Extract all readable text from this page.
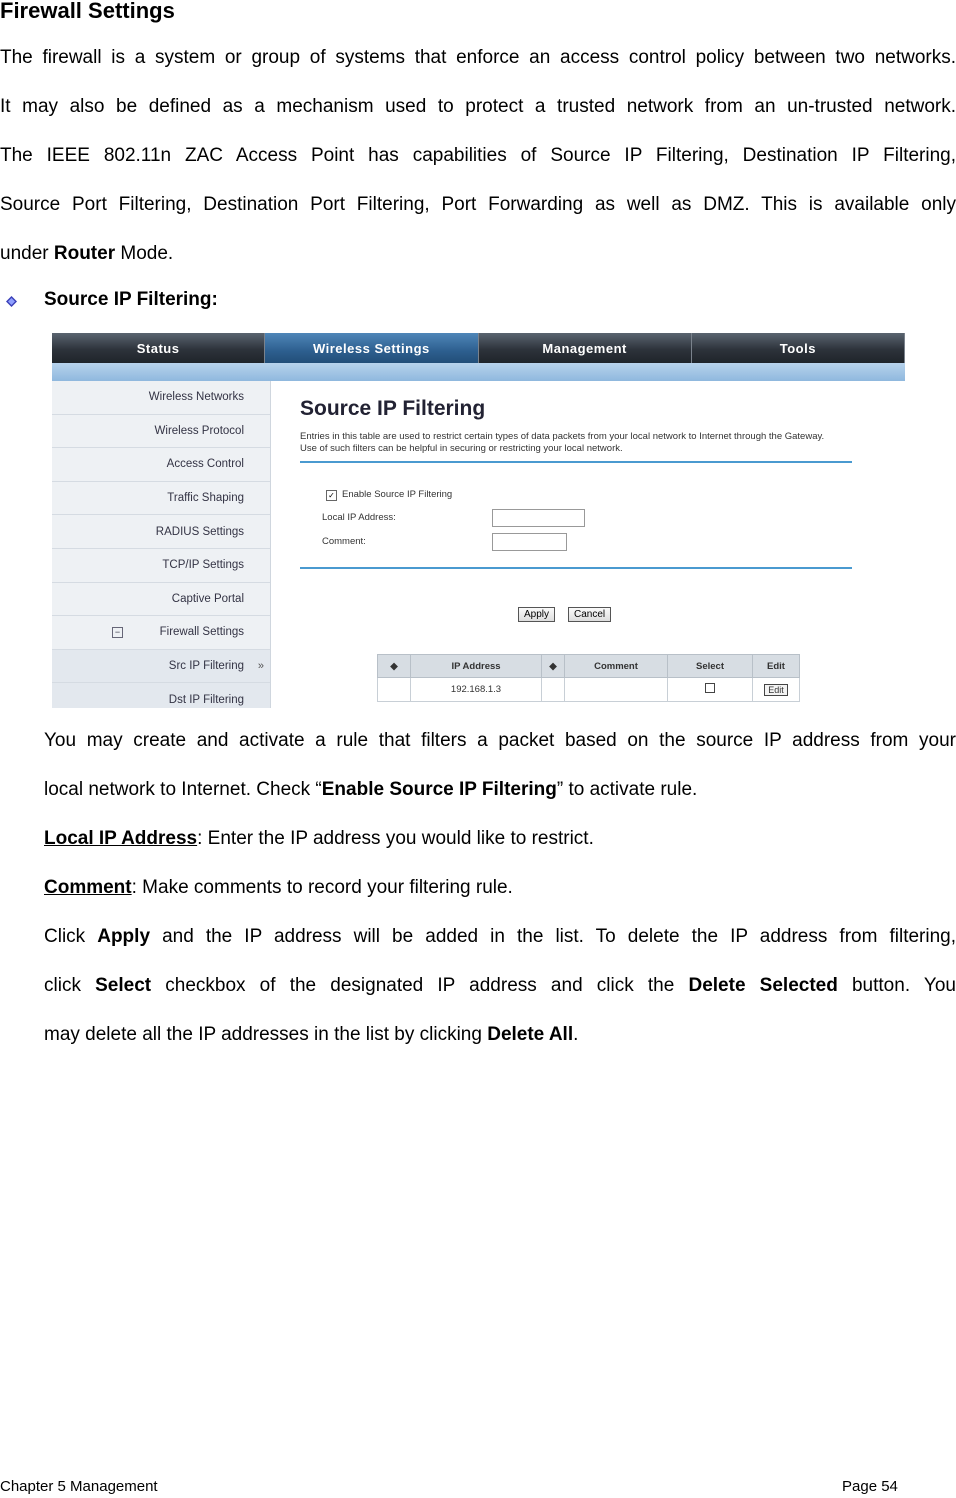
Firewall Settings
The firewall is a system or group of systems that enforce an access control policy between two networks.
It may also be defined as a mechanism used to protect a trusted network from an un-trusted network.
The IEEE 802.11n ZAC Access Point has capabilities of Source IP Filtering, Destination IP Filtering,
Source Port Filtering, Destination Port Filtering, Port Forwarding as well as DMZ. This is available only
under Router Mode.
Source IP Filtering:
Status	Wireless Settings	Management	Tools
Wireless Networks
Wireless Protocol
Access Control
Traffic Shaping
RADIUS Settings
TCP/IP Settings
Captive Portal
−	Firewall Settings
Src IP Filtering »
Dst IP Filtering
Source IP Filtering
Entries in this table are used to restrict certain types of data packets from your local network to Internet through the Gateway. Use of such filters can be helpful in securing or restricting your local network.
✓ Enable Source IP Filtering
Local IP Address:
Comment:
Apply	Cancel
◆	IP Address	◆	Comment	Select	Edit
	192.168.1.3				Edit
You may create and activate a rule that filters a packet based on the source IP address from your
local network to Internet. Check “Enable Source IP Filtering” to activate rule.
Local IP Address: Enter the IP address you would like to restrict.
Comment: Make comments to record your filtering rule.
Click Apply and the IP address will be added in the list. To delete the IP address from filtering,
click Select checkbox of the designated IP address and click the Delete Selected button. You
may delete all the IP addresses in the list by clicking Delete All.
Chapter 5 Management	Page 54
